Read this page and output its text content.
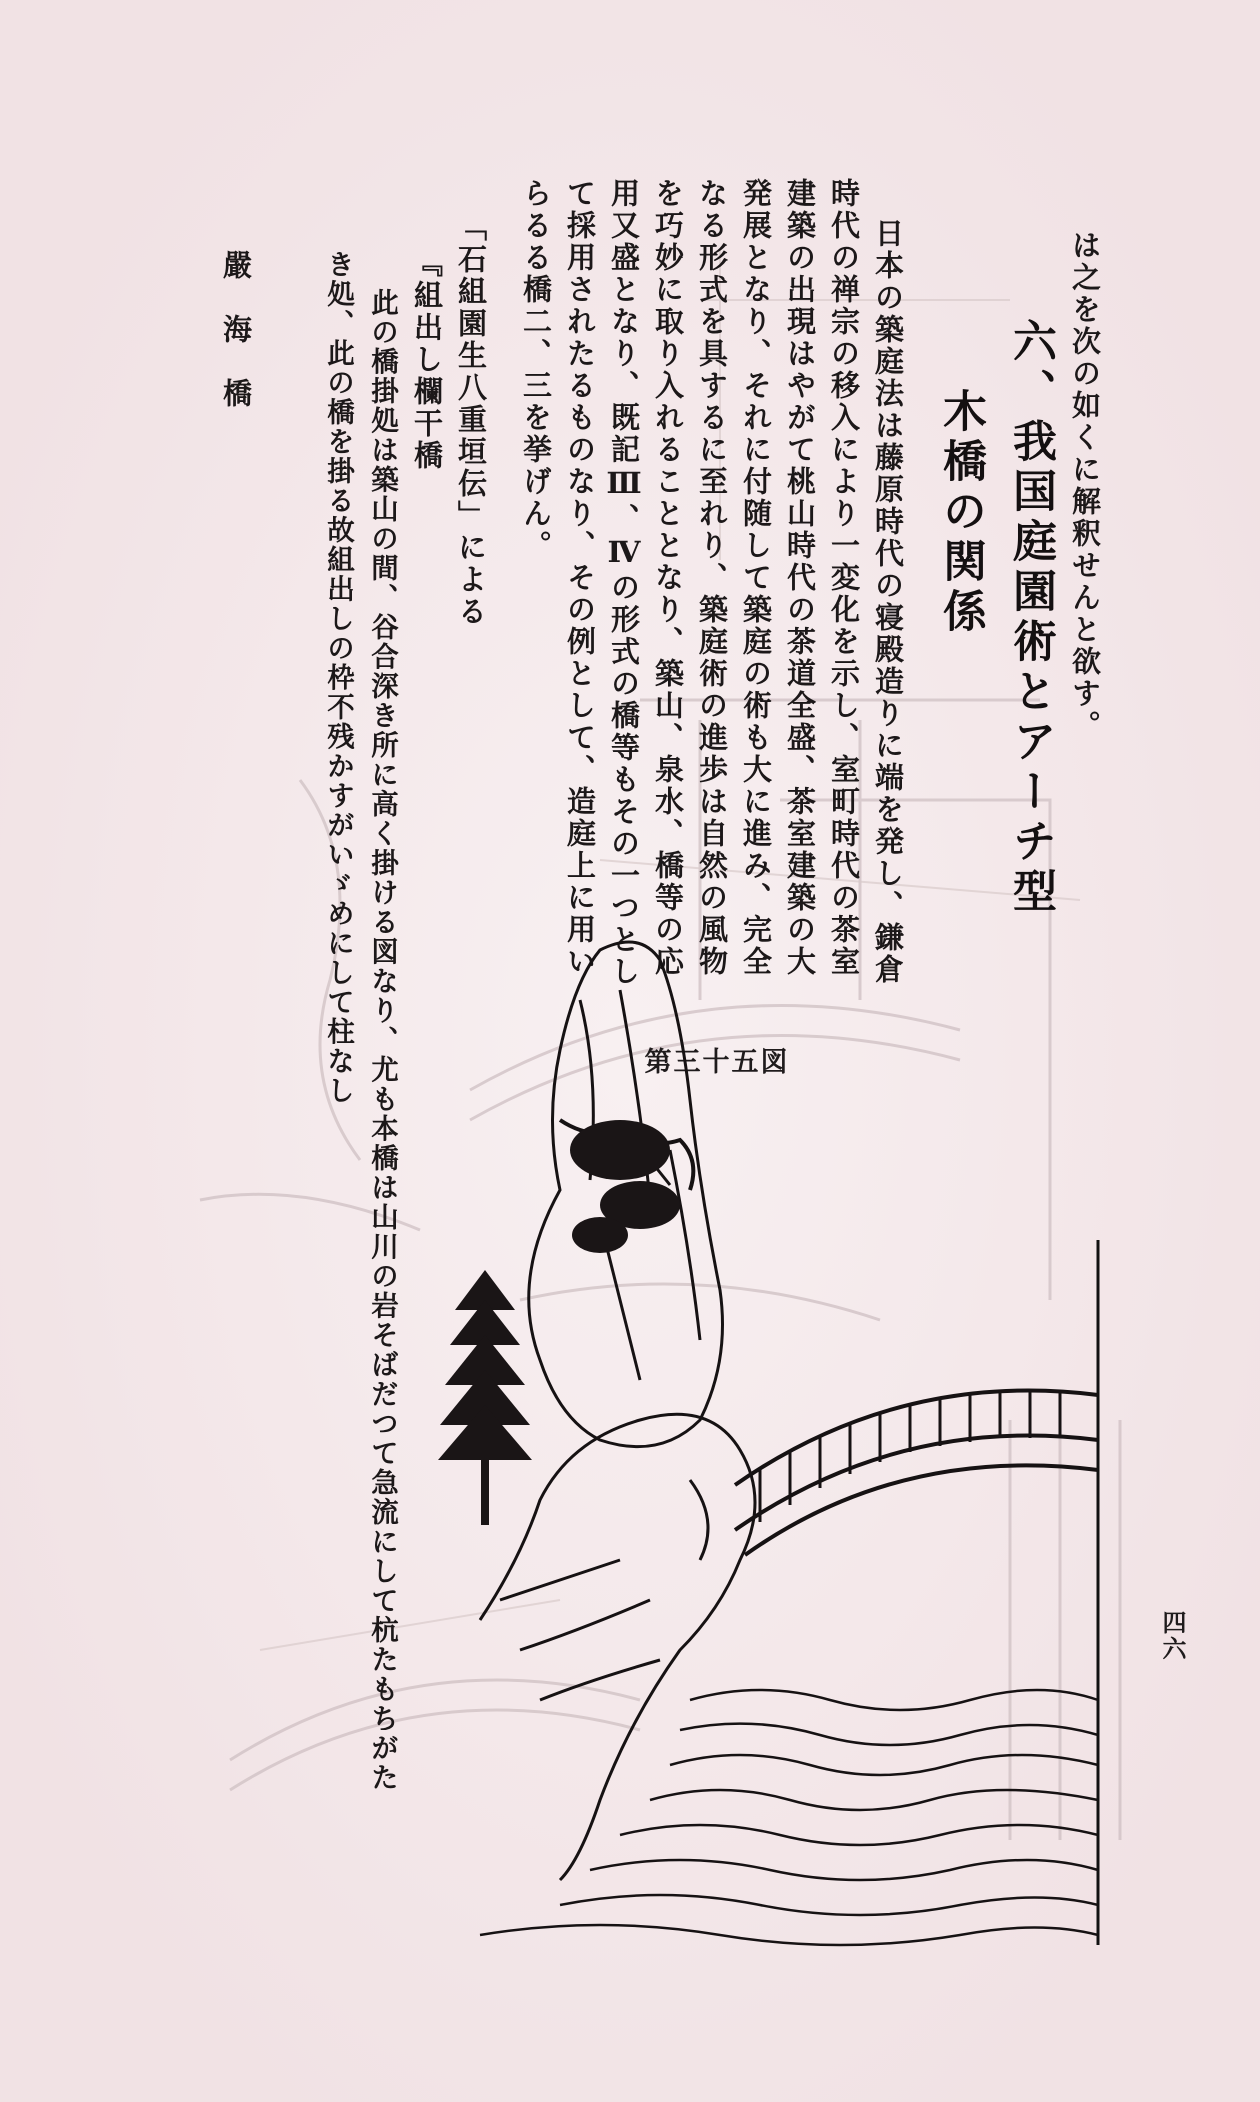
六、我国庭園術とアーチ型
木橋の関係	は之を次の如くに解釈せんと欲す。
日本の築庭法は藤原時代の寝殿造りに端を発し、鎌倉
時代の禅宗の移入により一変化を示し、室町時代の茶室
建築の出現はやがて桃山時代の茶道全盛、茶室建築の大
発展となり、それに付随して築庭の術も大に進み、完全
なる形式を具するに至れり、築庭術の進歩は自然の風物
を巧妙に取り入れることとなり、築山、泉水、橋等の応
用又盛となり、既記Ⅲ、Ⅳの形式の橋等もその一つとし
て採用されたるものなり、その例として、造庭上に用い
らるる橋二、三を挙げん。
「石組園生八重垣伝」による
『組出し欄干橋
此の橋掛処は築山の間、谷合深き所に高く掛ける図なり、尤も本橋は山川の岩そばだつて急流にして杭たもちがた
き処、此の橋を掛る故組出しの枠不残かすがいゞめにして柱なし
嚴　海　橋
第三十五図
四六
